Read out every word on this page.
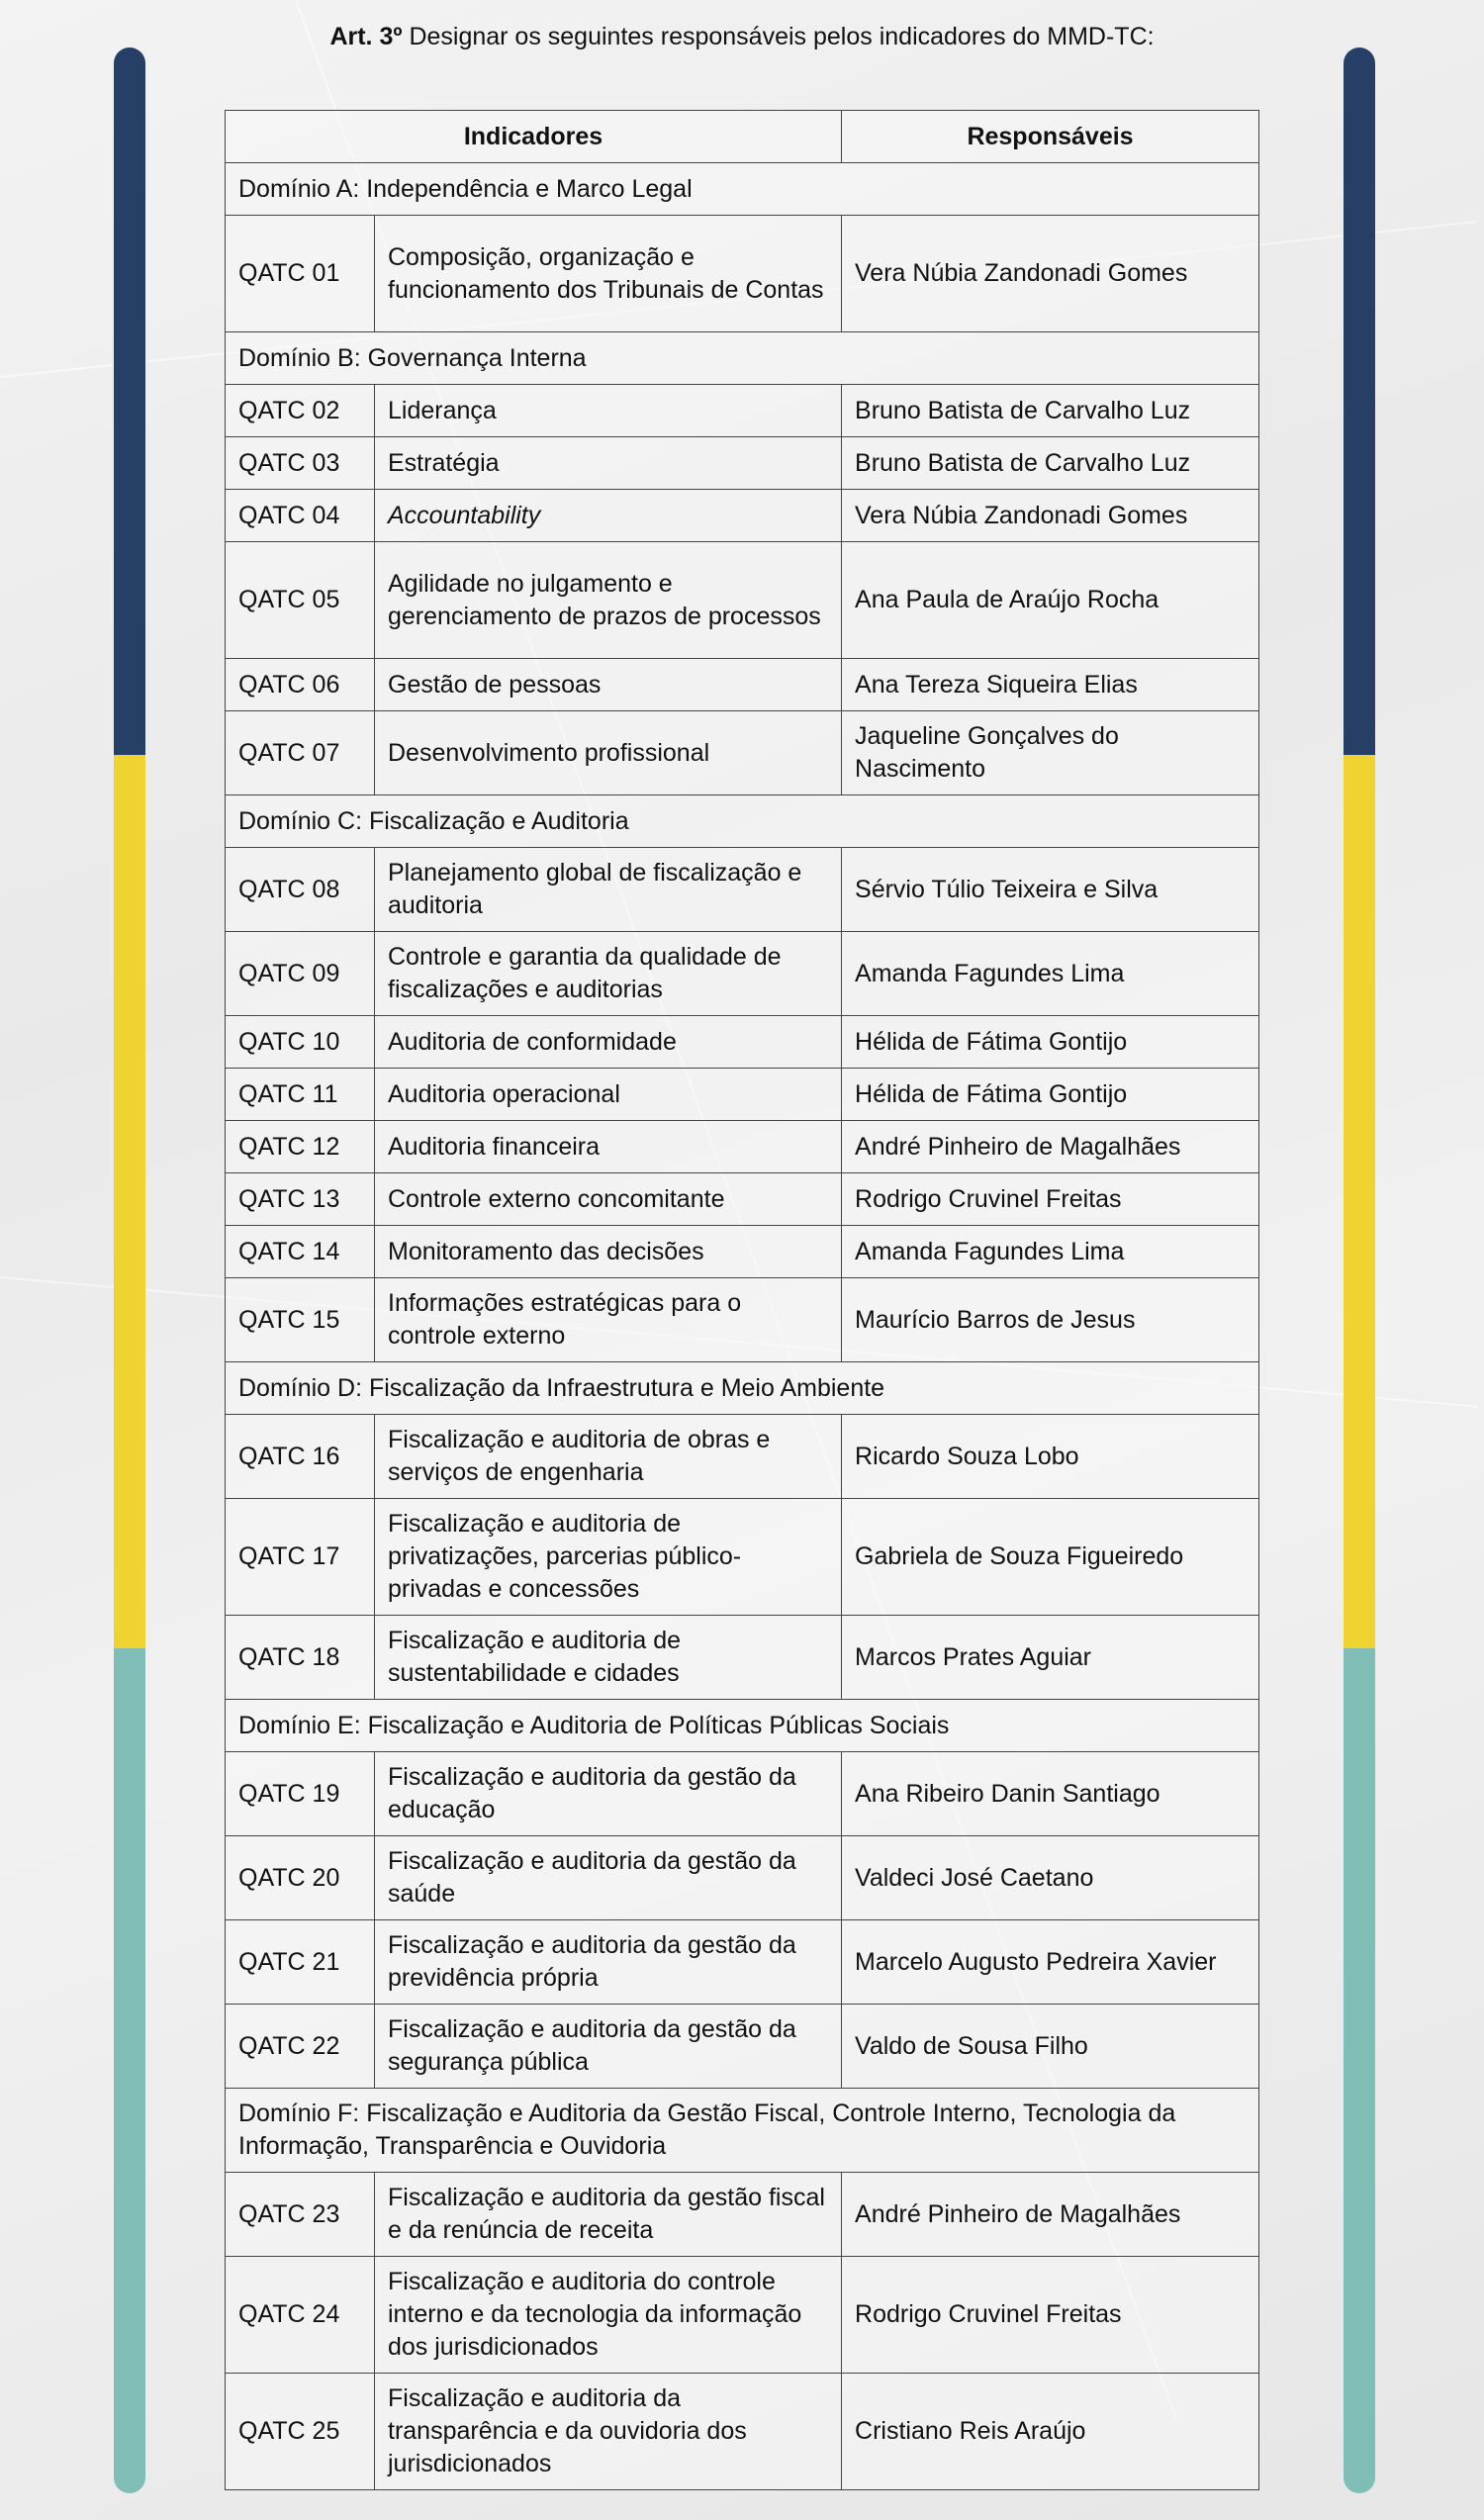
Art. 3º Designar os seguintes responsáveis pelos indicadores do MMD-TC:
Indicadores		Responsáveis
Domínio A: Independência e Marco Legal		
QATC 01	Composição, organização e funcionamento dos Tribunais de Contas	Vera Núbia Zandonadi Gomes
Domínio B: Governança Interna		
QATC 02	Liderança	Bruno Batista de Carvalho Luz
QATC 03	Estratégia	Bruno Batista de Carvalho Luz
QATC 04	Accountability	Vera Núbia Zandonadi Gomes
QATC 05	Agilidade no julgamento e gerenciamento de prazos de processos	Ana Paula de Araújo Rocha
QATC 06	Gestão de pessoas	Ana Tereza Siqueira Elias
QATC 07	Desenvolvimento profissional	Jaqueline Gonçalves do Nascimento
Domínio C: Fiscalização e Auditoria		
QATC 08	Planejamento global de fiscalização e auditoria	Sérvio Túlio Teixeira e Silva
QATC 09	Controle e garantia da qualidade de fiscalizações e auditorias	Amanda Fagundes Lima
QATC 10	Auditoria de conformidade	Hélida de Fátima Gontijo
QATC 11	Auditoria operacional	Hélida de Fátima Gontijo
QATC 12	Auditoria financeira	André Pinheiro de Magalhães
QATC 13	Controle externo concomitante	Rodrigo Cruvinel Freitas
QATC 14	Monitoramento das decisões	Amanda Fagundes Lima
QATC 15	Informações estratégicas para o controle externo	Maurício Barros de Jesus
Domínio D: Fiscalização da Infraestrutura e Meio Ambiente		
QATC 16	Fiscalização e auditoria de obras e serviços de engenharia	Ricardo Souza Lobo
QATC 17	Fiscalização e auditoria de privatizações, parcerias público-privadas e concessões	Gabriela de Souza Figueiredo
QATC 18	Fiscalização e auditoria de sustentabilidade e cidades	Marcos Prates Aguiar
Domínio E: Fiscalização e Auditoria de Políticas Públicas Sociais		
QATC 19	Fiscalização e auditoria da gestão da educação	Ana Ribeiro Danin Santiago
QATC 20	Fiscalização e auditoria da gestão da saúde	Valdeci José Caetano
QATC 21	Fiscalização e auditoria da gestão da previdência própria	Marcelo Augusto Pedreira Xavier
QATC 22	Fiscalização e auditoria da gestão da segurança pública	Valdo de Sousa Filho
Domínio F: Fiscalização e Auditoria da Gestão Fiscal, Controle Interno, Tecnologia da Informação, Transparência e Ouvidoria		
QATC 23	Fiscalização e auditoria da gestão fiscal e da renúncia de receita	André Pinheiro de Magalhães
QATC 24	Fiscalização e auditoria do controle interno e da tecnologia da informação dos jurisdicionados	Rodrigo Cruvinel Freitas
QATC 25	Fiscalização e auditoria da transparência e da ouvidoria dos jurisdicionados	Cristiano Reis Araújo
